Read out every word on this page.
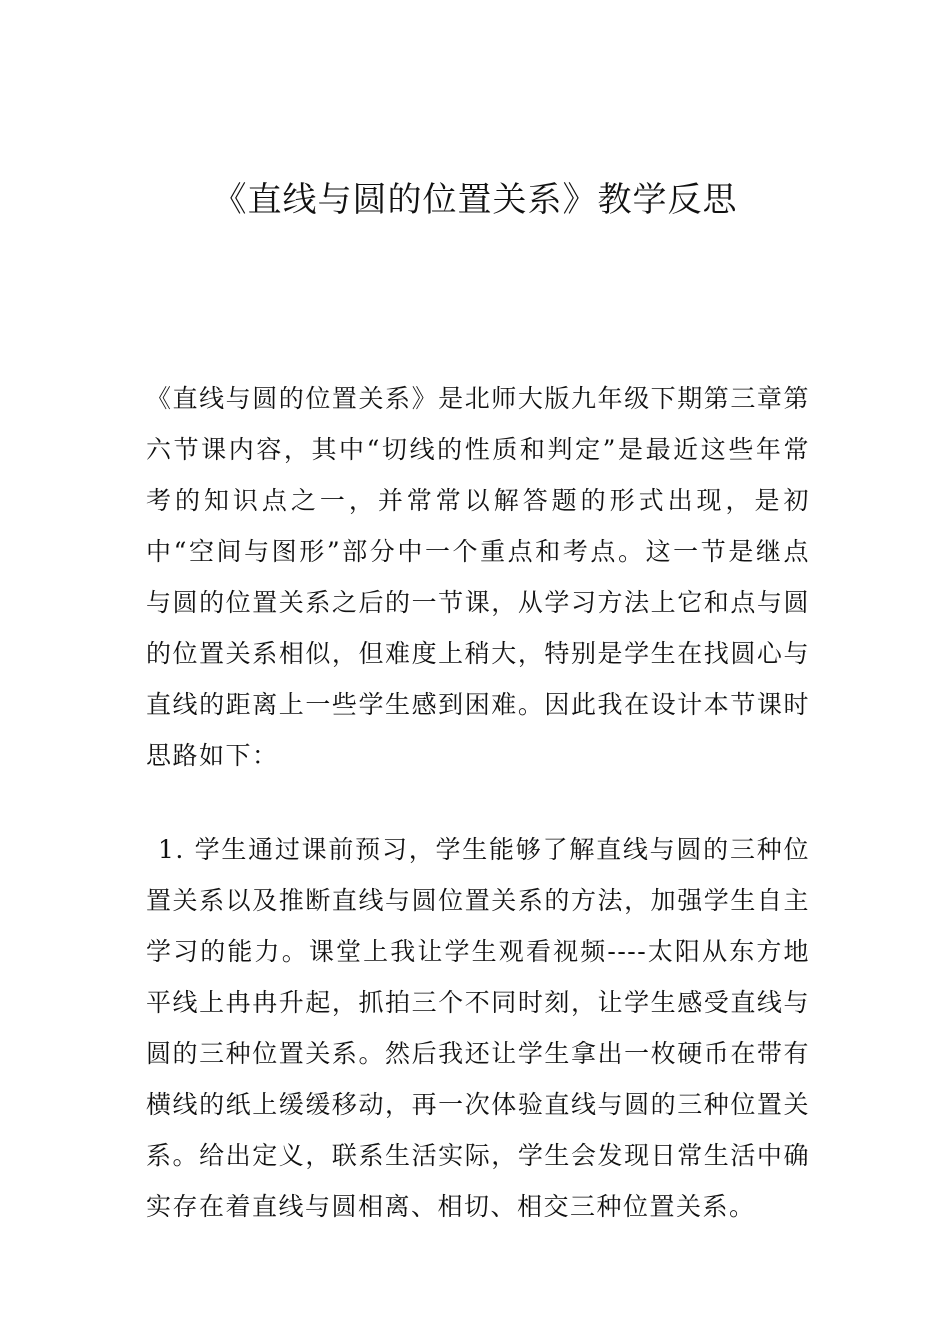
《直线与圆的位置关系》教学反思

《直线与圆的位置关系》是北师大版九年级下期第三章第六节课内容，其中“切线的性质和判定”是最近这些年常考的知识点之一，并常常以解答题的形式出现，是初中“空间与图形”部分中一个重点和考点。这一节是继点与圆的位置关系之后的一节课，从学习方法上它和点与圆的位置关系相似，但难度上稍大，特别是学生在找圆心与直线的距离上一些学生感到困难。因此我在设计本节课时思路如下：

1. 学生通过课前预习，学生能够了解直线与圆的三种位置关系以及推断直线与圆位置关系的方法，加强学生自主学习的能力。课堂上我让学生观看视频----太阳从东方地平线上冉冉升起，抓拍三个不同时刻，让学生感受直线与圆的三种位置关系。然后我还让学生拿出一枚硬币在带有横线的纸上缓缓移动，再一次体验直线与圆的三种位置关系。给出定义，联系生活实际，学生会发现日常生活中确实存在着直线与圆相离、相切、相交三种位置关系。
